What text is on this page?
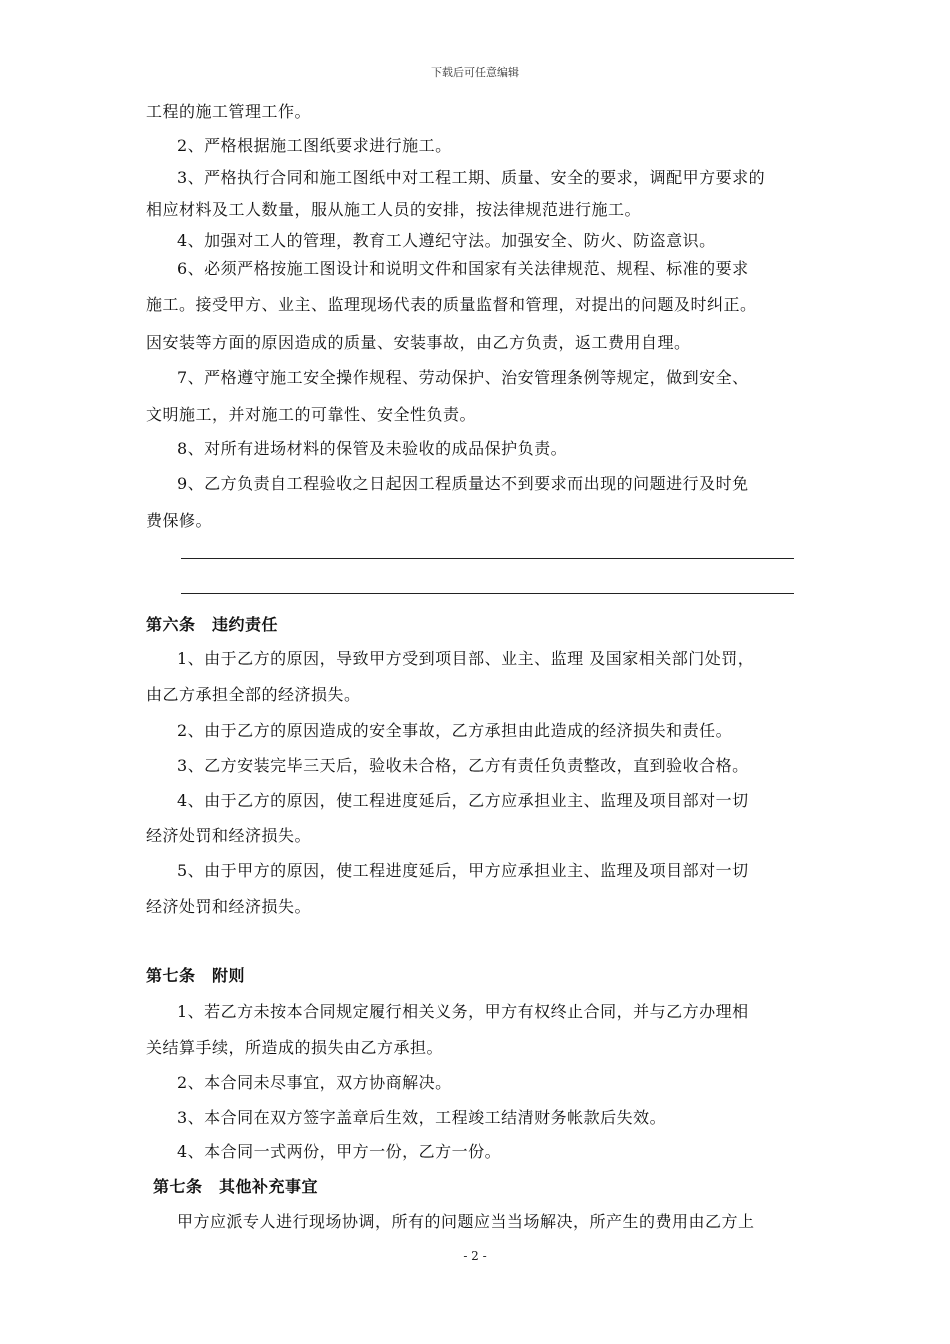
下载后可任意编辑
工程的施工管理工作。
2、严格根据施工图纸要求进行施工。
3、严格执行合同和施工图纸中对工程工期、质量、安全的要求，调配甲方要求的
相应材料及工人数量，服从施工人员的安排，按法律规范进行施工。
4、加强对工人的管理，教育工人遵纪守法。加强安全、防火、防盗意识。
6、必须严格按施工图设计和说明文件和国家有关法律规范、规程、标准的要求
施工。接受甲方、业主、监理现场代表的质量监督和管理，对提出的问题及时纠正。
因安装等方面的原因造成的质量、安装事故，由乙方负责，返工费用自理。
7、严格遵守施工安全操作规程、劳动保护、治安管理条例等规定，做到安全、
文明施工，并对施工的可靠性、安全性负责。
8、对所有进场材料的保管及未验收的成品保护负责。
9、乙方负责自工程验收之日起因工程质量达不到要求而出现的问题进行及时免
费保修。
第六条　违约责任
1、由于乙方的原因，导致甲方受到项目部、业主、监理 及国家相关部门处罚，
由乙方承担全部的经济损失。
2、由于乙方的原因造成的安全事故，乙方承担由此造成的经济损失和责任。
3、乙方安装完毕三天后，验收未合格，乙方有责任负责整改，直到验收合格。
4、由于乙方的原因，使工程进度延后，乙方应承担业主、监理及项目部对一切
经济处罚和经济损失。
5、由于甲方的原因，使工程进度延后，甲方应承担业主、监理及项目部对一切
经济处罚和经济损失。
第七条　附则
1、若乙方未按本合同规定履行相关义务，甲方有权终止合同，并与乙方办理相
关结算手续，所造成的损失由乙方承担。
2、本合同未尽事宜，双方协商解决。
3、本合同在双方签字盖章后生效，工程竣工结清财务帐款后失效。
4、本合同一式两份，甲方一份，乙方一份。
第七条　其他补充事宜
甲方应派专人进行现场协调，所有的问题应当当场解决，所产生的费用由乙方上
- 2 -
